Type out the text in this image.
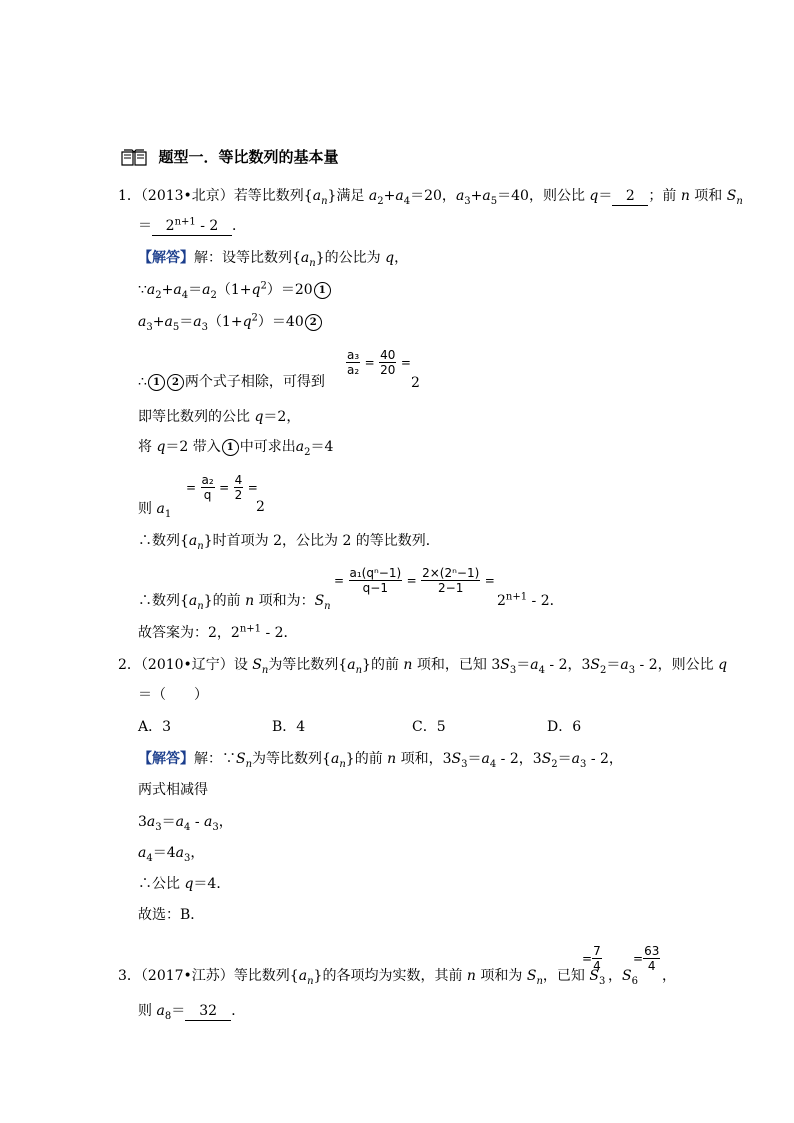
题型一．等比数列的基本量
1．（2013•北京）若等比数列$\{a_n\}$满足 $a_2+a_4=20$，$a_3+a_5=40$，则公比 q＝ 2 ；前 n 项和 $S_n$
＝ $2^{n+1} - 2$ ．
【解答】解：设等比数列$\{a_n\}$的公比为 q，
$\because a_2+a_4=a_2(1+q^2)=20$ 1
$a_3+a_5=a_3(1+q^2)=40$ 2
∴ 1 2 两个式子相除，可得到
$\frac{\text{a₃}}{\text{a₂}} = \frac{40}{20}$ =
2
即等比数列的公比 q＝2，
将 q＝2 带入 1 中可求出$a_2=4$
= $\frac{\text{a₂}}{q} = \frac{4}{2}$ =
则 $a_1$	2
∴数列$\{a_n\}$时首项为 2，公比为 2 的等比数列．
∴数列$\{a_n\}$的前 n 项和为：$S_n$
= $\frac{\text{a₁(qⁿ−1)}}{q-1} = \frac{\text{2×(2ⁿ−1)}}{2-1}$ =
$2^{n+1} - 2$．
故答案为：2，$2^{n+1} - 2$．
2．（2010•辽宁）设 $S_n$为等比数列$\{a_n\}$的前 n 项和，已知 $3S_3=a_4 - 2$，$3S_2=a_3 - 2$，则公比 q
＝（　　）
A．3	B．4	C．5	D．6
【解答】解：$\because S_n$为等比数列$\{a_n\}$的前 n 项和，$3S_3=a_4 - 2$，$3S_2=a_3 - 2$，
两式相减得
$3a_3=a_4 - a_3$，
$a_4=4a_3$，
∴公比 q＝4．
故选：B．
3．（2017•江苏）等比数列$\{a_n\}$的各项均为实数，其前 n 项和为 $S_n$，已知 $S_3$
= $\frac{7}{4}$
，$S_6$
= $\frac{63}{4}$
，
则 $a_8= 32$ ．
